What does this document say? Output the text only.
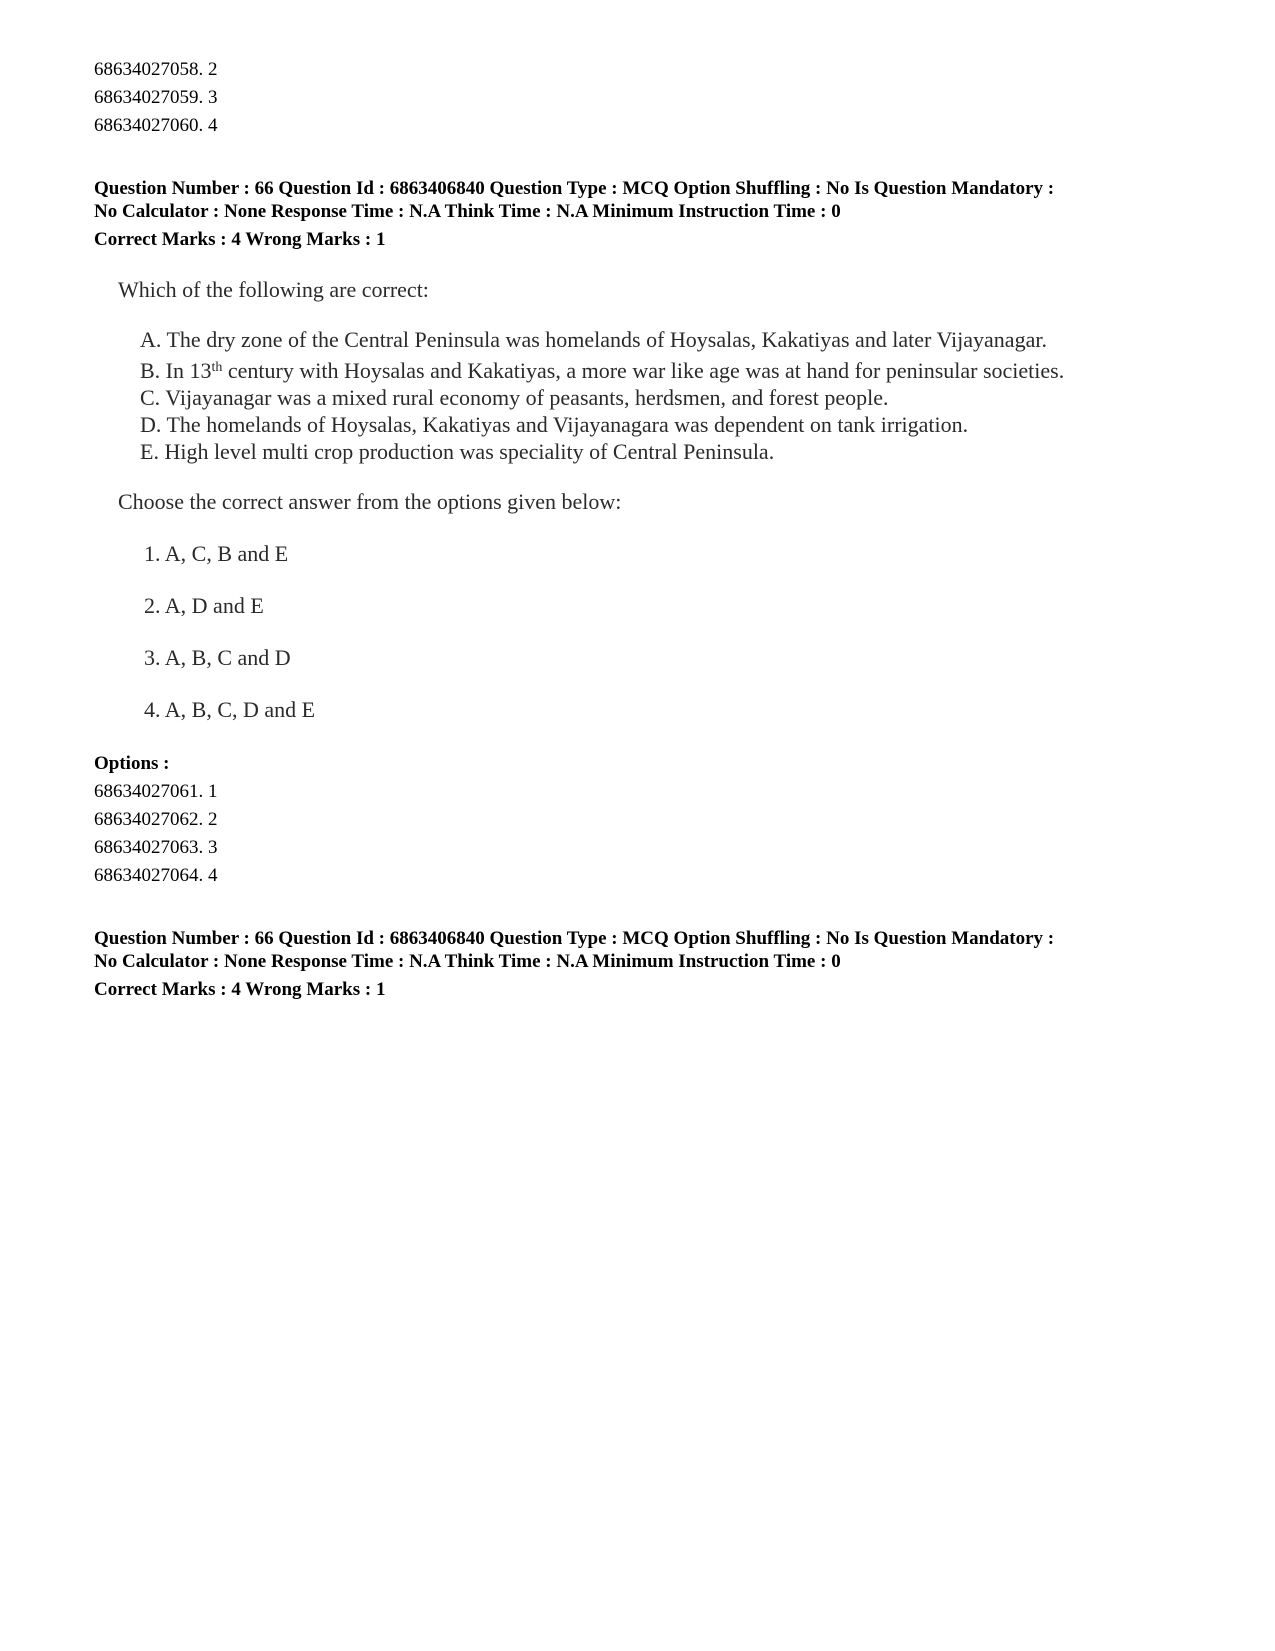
68634027058. 2
68634027059. 3
68634027060. 4
Question Number : 66 Question Id : 6863406840 Question Type : MCQ Option Shuffling : No Is Question Mandatory :
No Calculator : None Response Time : N.A Think Time : N.A Minimum Instruction Time : 0
Correct Marks : 4 Wrong Marks : 1
Which of the following are correct:
A. The dry zone of the Central Peninsula was homelands of Hoysalas, Kakatiyas and later Vijayanagar.
B. In 13th century with Hoysalas and Kakatiyas, a more war like age was at hand for peninsular societies.
C. Vijayanagar was a mixed rural economy of peasants, herdsmen, and forest people.
D. The homelands of Hoysalas, Kakatiyas and Vijayanagara was dependent on tank irrigation.
E. High level multi crop production was speciality of Central Peninsula.
Choose the correct answer from the options given below:
1. A, C, B and E
2. A, D and E
3. A, B, C and D
4. A, B, C, D and E
Options :
68634027061. 1
68634027062. 2
68634027063. 3
68634027064. 4
Question Number : 66 Question Id : 6863406840 Question Type : MCQ Option Shuffling : No Is Question Mandatory :
No Calculator : None Response Time : N.A Think Time : N.A Minimum Instruction Time : 0
Correct Marks : 4 Wrong Marks : 1
